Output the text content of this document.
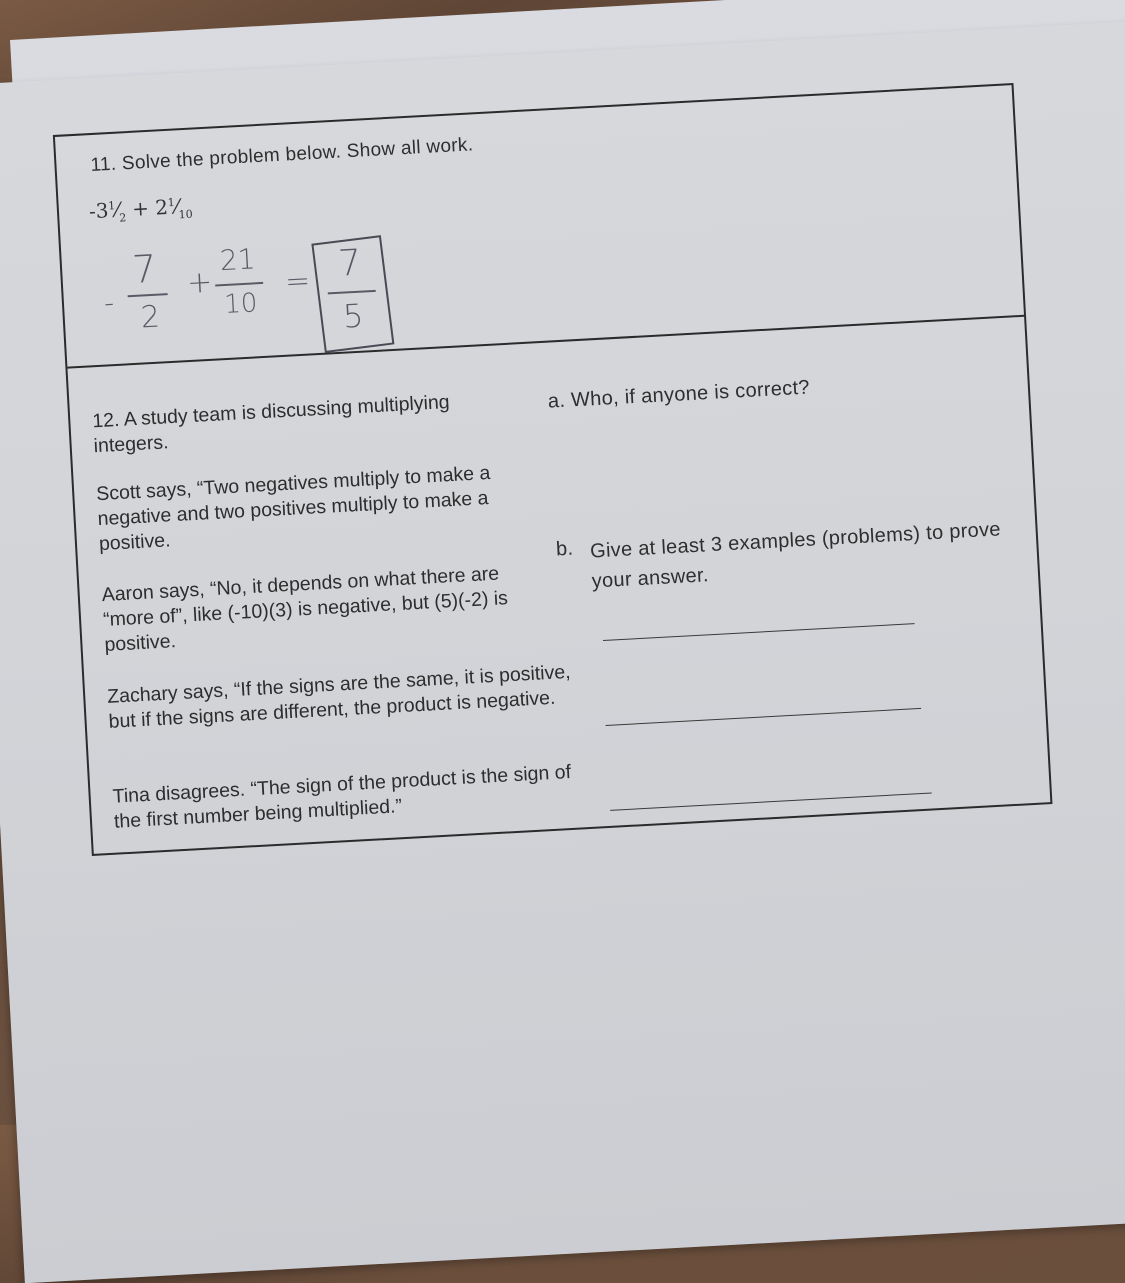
11. Solve the problem below. Show all work.
$-3^1⁄_2$ + $2^1⁄_{10}$
-
7
2
+
21
10
= 7
5
12. A study team is discussing multiplying integers.
Scott says, “Two negatives multiply to make a negative and two positives multiply to make a positive.
Aaron says, “No, it depends on what there are “more of”, like (-10)(3) is negative, but (5)(-2) is positive.
Zachary says, “If the signs are the same, it is positive, but if the signs are different, the product is negative.
Tina disagrees. “The sign of the product is the sign of the first number being multiplied.”
a. Who, if anyone is correct?
b. Give at least 3 examples (problems) to prove your answer.
